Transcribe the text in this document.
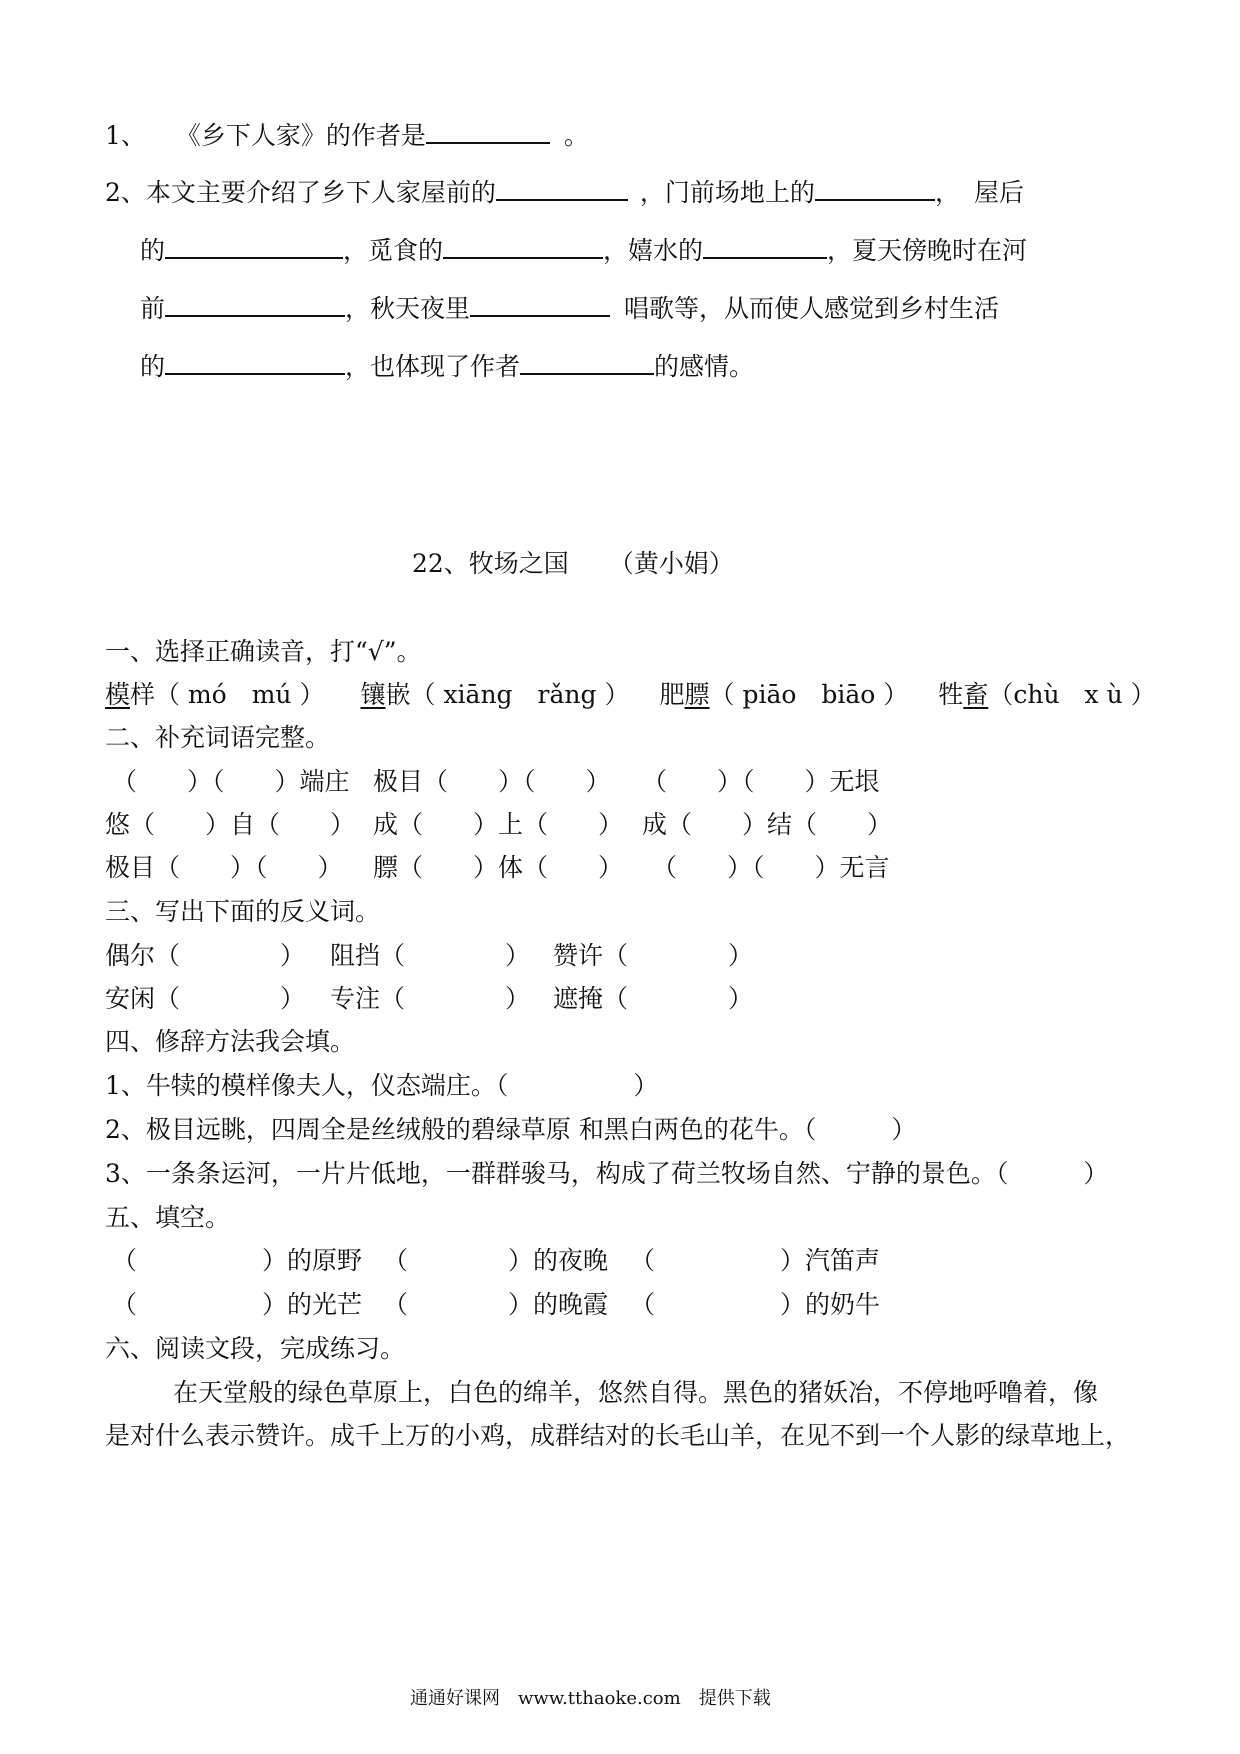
1、 《乡下人家》的作者是	。
2、本文主要介绍了乡下人家屋前的	，门前场地上的	， 屋后
的	，觅食的	，嬉水的	，夏天傍晚时在河
前	，秋天夜里	唱歌等，从而使人感觉到乡村生活
的	，也体现了作者	的感情。
22、牧场之国 （黄小娟）
一、选择正确读音，打“√”。
模样（ mó　mú ） 镶嵌（ xiāng　rǎng ） 肥膘（ piāo　biāo ） 牲畜（chù　x ù ）
二、补充词语完整。
（　　）（　　）端庄 极目（　　）（　　） （　　）（　　）无垠
悠（　　）自（　　） 成（　　）上（　　） 成（　　）结（　　）
极目（　　）（　　） 膘（　　）体（　　） （　　）（　　）无言
三、写出下面的反义词。
偶尔（　　　　） 阻挡（　　　　） 赞许（　　　　）
安闲（　　　　） 专注（　　　　） 遮掩（　　　　）
四、修辞方法我会填。
1、牛犊的模样像夫人，仪态端庄。（　　　　　）
2、极目远眺，四周全是丝绒般的碧绿草原 和黑白两色的花牛。（　　　）
3、一条条运河，一片片低地，一群群骏马，构成了荷兰牧场自然、宁静的景色。（　　　）
五、填空。
（　　　　　）的原野 （　　　　）的夜晚 （　　　　　）汽笛声
（　　　　　）的光芒 （　　　　）的晚霞 （　　　　　）的奶牛
六、阅读文段，完成练习。
在天堂般的绿色草原上，白色的绵羊，悠然自得。黑色的猪妖冶，不停地呼噜着，像
是对什么表示赞许。成千上万的小鸡，成群结对的长毛山羊，在见不到一个人影的绿草地上，
通通好课网　www.tthaoke.com　提供下载
